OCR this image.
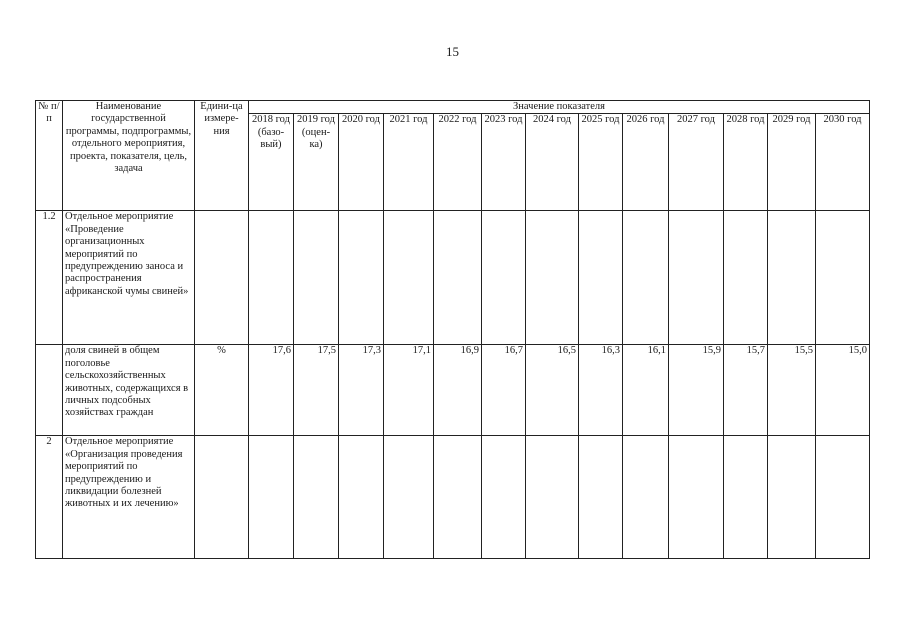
15
№ п/п	Наименование государственной программы, подпрограммы, отдельного мероприятия, проекта, показателя, цель, задача	Едини-ца измере-ния	Значение показателя												
			2018 год (базо-вый)	2019 год (оцен-ка)	2020 год	2021 год	2022 год	2023 год	2024 год	2025 год	2026 год	2027 год	2028 год	2029 год	2030 год
1.2	Отдельное мероприятие «Проведение организационных мероприятий по предупреждению заноса и распространения африканской чумы свиней»														
	доля свиней в общем поголовье сельскохозяйственных животных, содержащихся в личных подсобных хозяйствах граждан	%	17,6	17,5	17,3	17,1	16,9	16,7	16,5	16,3	16,1	15,9	15,7	15,5	15,0
2	Отдельное мероприятие «Организация проведения мероприятий по предупреждению и ликвидации болезней животных и их лечению»														
